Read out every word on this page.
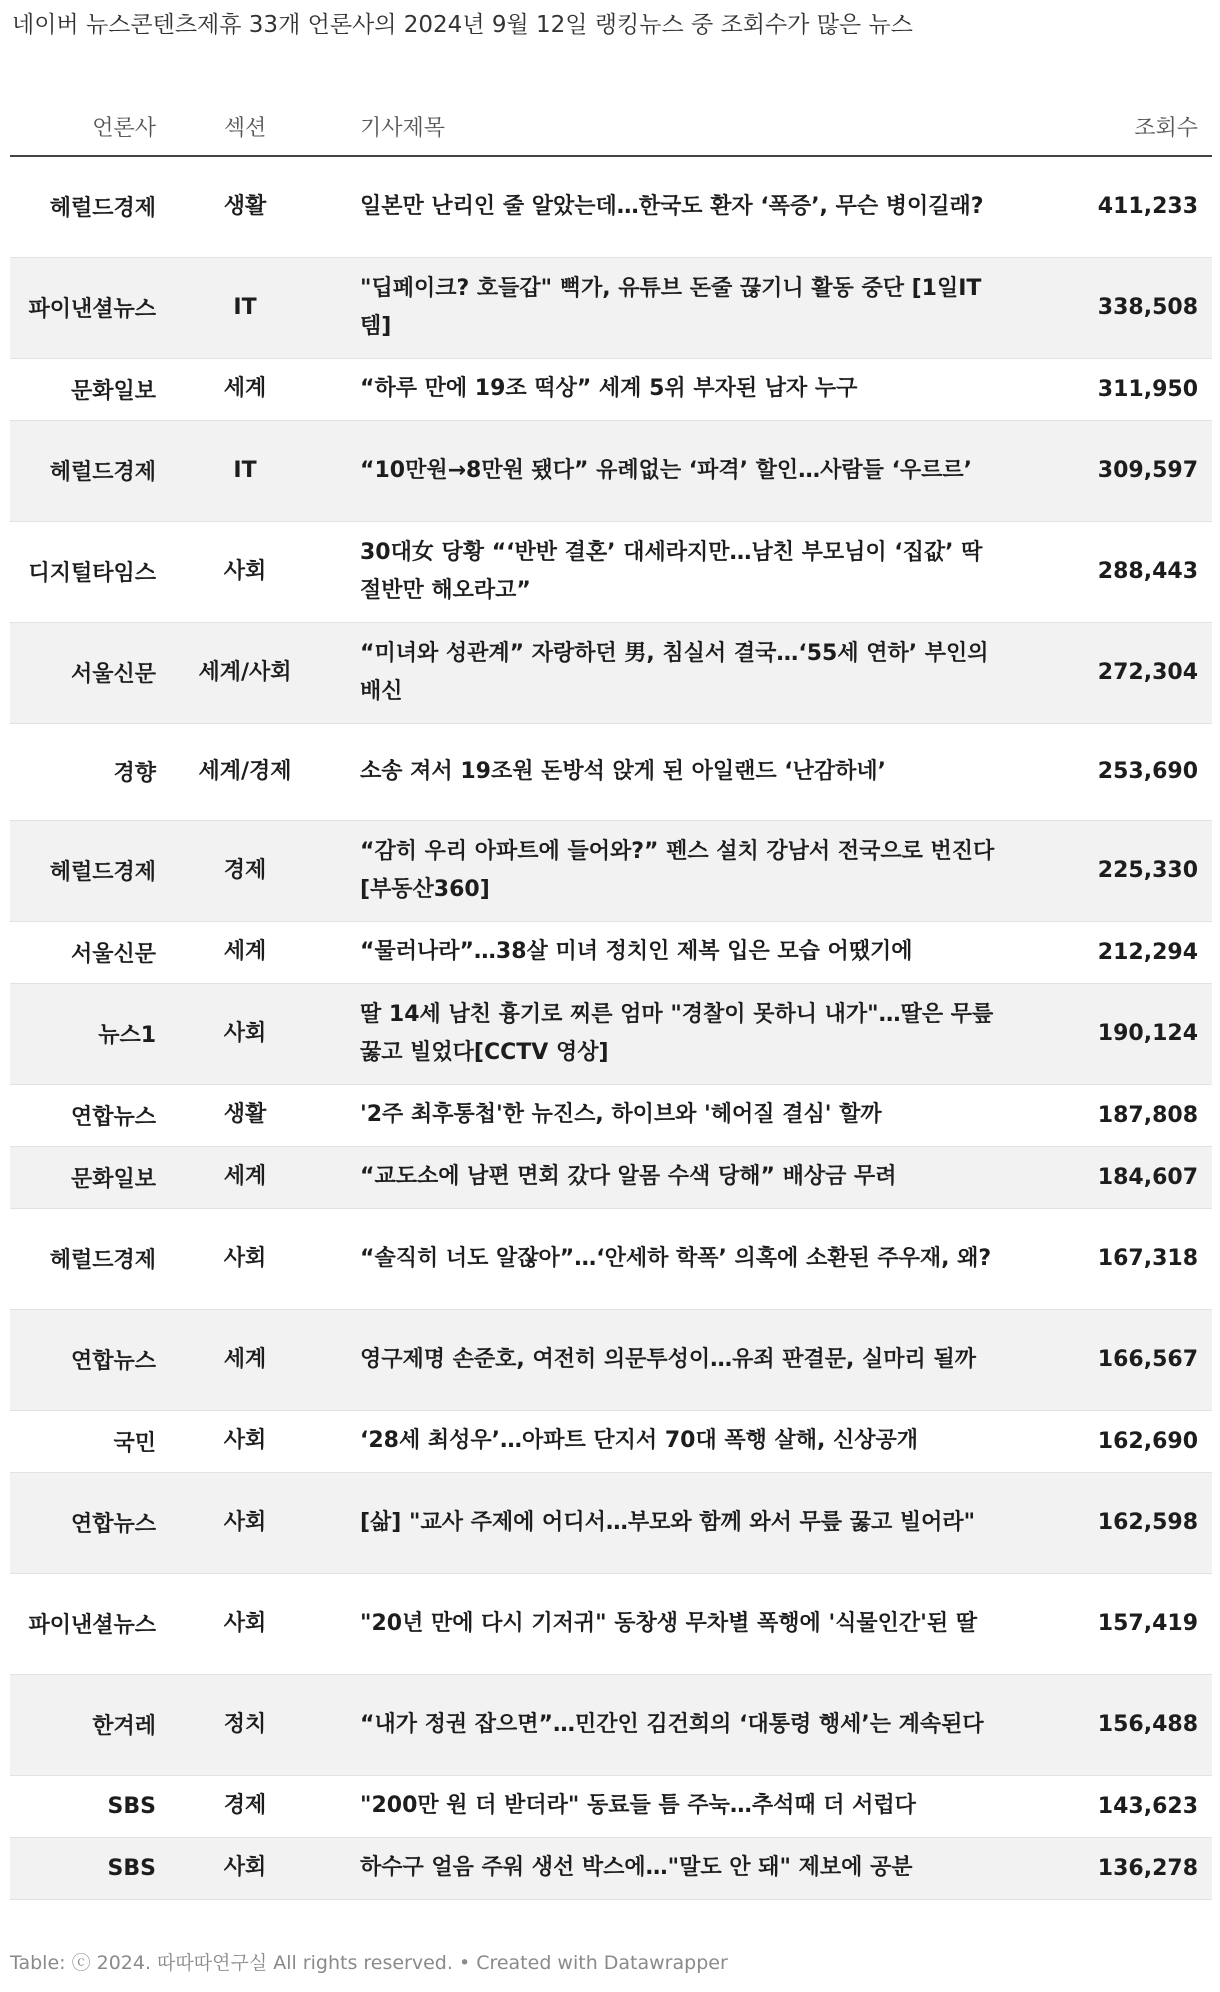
네이버 뉴스콘텐츠제휴 33개 언론사의 2024년 9월 12일 랭킹뉴스 중 조회수가 많은 뉴스
언론사	섹션	기사제목	조회수
헤럴드경제	생활	일본만 난리인 줄 알았는데…한국도 환자 ‘폭증’, 무슨 병이길래?	411,233
파이낸셜뉴스	IT	"딥페이크? 호들갑" 뻑가, 유튜브 돈줄 끊기니 활동 중단 [1일IT템]	338,508
문화일보	세계	“하루 만에 19조 떡상” 세계 5위 부자된 남자 누구	311,950
헤럴드경제	IT	“10만원→8만원 됐다” 유례없는 ‘파격’ 할인…사람들 ‘우르르’	309,597
디지털타임스	사회	30대女 당황 “‘반반 결혼’ 대세라지만…남친 부모님이 ‘집값’ 딱 절반만 해오라고”	288,443
서울신문	세계/사회	“미녀와 성관계” 자랑하던 男, 침실서 결국…‘55세 연하’ 부인의 배신	272,304
경향	세계/경제	소송 져서 19조원 돈방석 앉게 된 아일랜드 ‘난감하네’	253,690
헤럴드경제	경제	“감히 우리 아파트에 들어와?” 펜스 설치 강남서 전국으로 번진다 [부동산360]	225,330
서울신문	세계	“물러나라”…38살 미녀 정치인 제복 입은 모습 어땠기에	212,294
뉴스1	사회	딸 14세 남친 흉기로 찌른 엄마 "경찰이 못하니 내가"…딸은 무릎꿇고 빌었다[CCTV 영상]	190,124
연합뉴스	생활	'2주 최후통첩'한 뉴진스, 하이브와 '헤어질 결심' 할까	187,808
문화일보	세계	“교도소에 남편 면회 갔다 알몸 수색 당해” 배상금 무려	184,607
헤럴드경제	사회	“솔직히 너도 알잖아”…‘안세하 학폭’ 의혹에 소환된 주우재, 왜?	167,318
연합뉴스	세계	영구제명 손준호, 여전히 의문투성이…유죄 판결문, 실마리 될까	166,567
국민	사회	‘28세 최성우’…아파트 단지서 70대 폭행 살해, 신상공개	162,690
연합뉴스	사회	[삶] "교사 주제에 어디서…부모와 함께 와서 무릎 꿇고 빌어라"	162,598
파이낸셜뉴스	사회	"20년 만에 다시 기저귀" 동창생 무차별 폭행에 '식물인간'된 딸	157,419
한겨레	정치	“내가 정권 잡으면”…민간인 김건희의 ‘대통령 행세’는 계속된다	156,488
SBS	경제	"200만 원 더 받더라" 동료들 틈 주눅…추석때 더 서럽다	143,623
SBS	사회	하수구 얼음 주워 생선 박스에…"말도 안 돼" 제보에 공분	136,278
Table: ⓒ 2024. 따따따연구실 All rights reserved. • Created with Datawrapper
